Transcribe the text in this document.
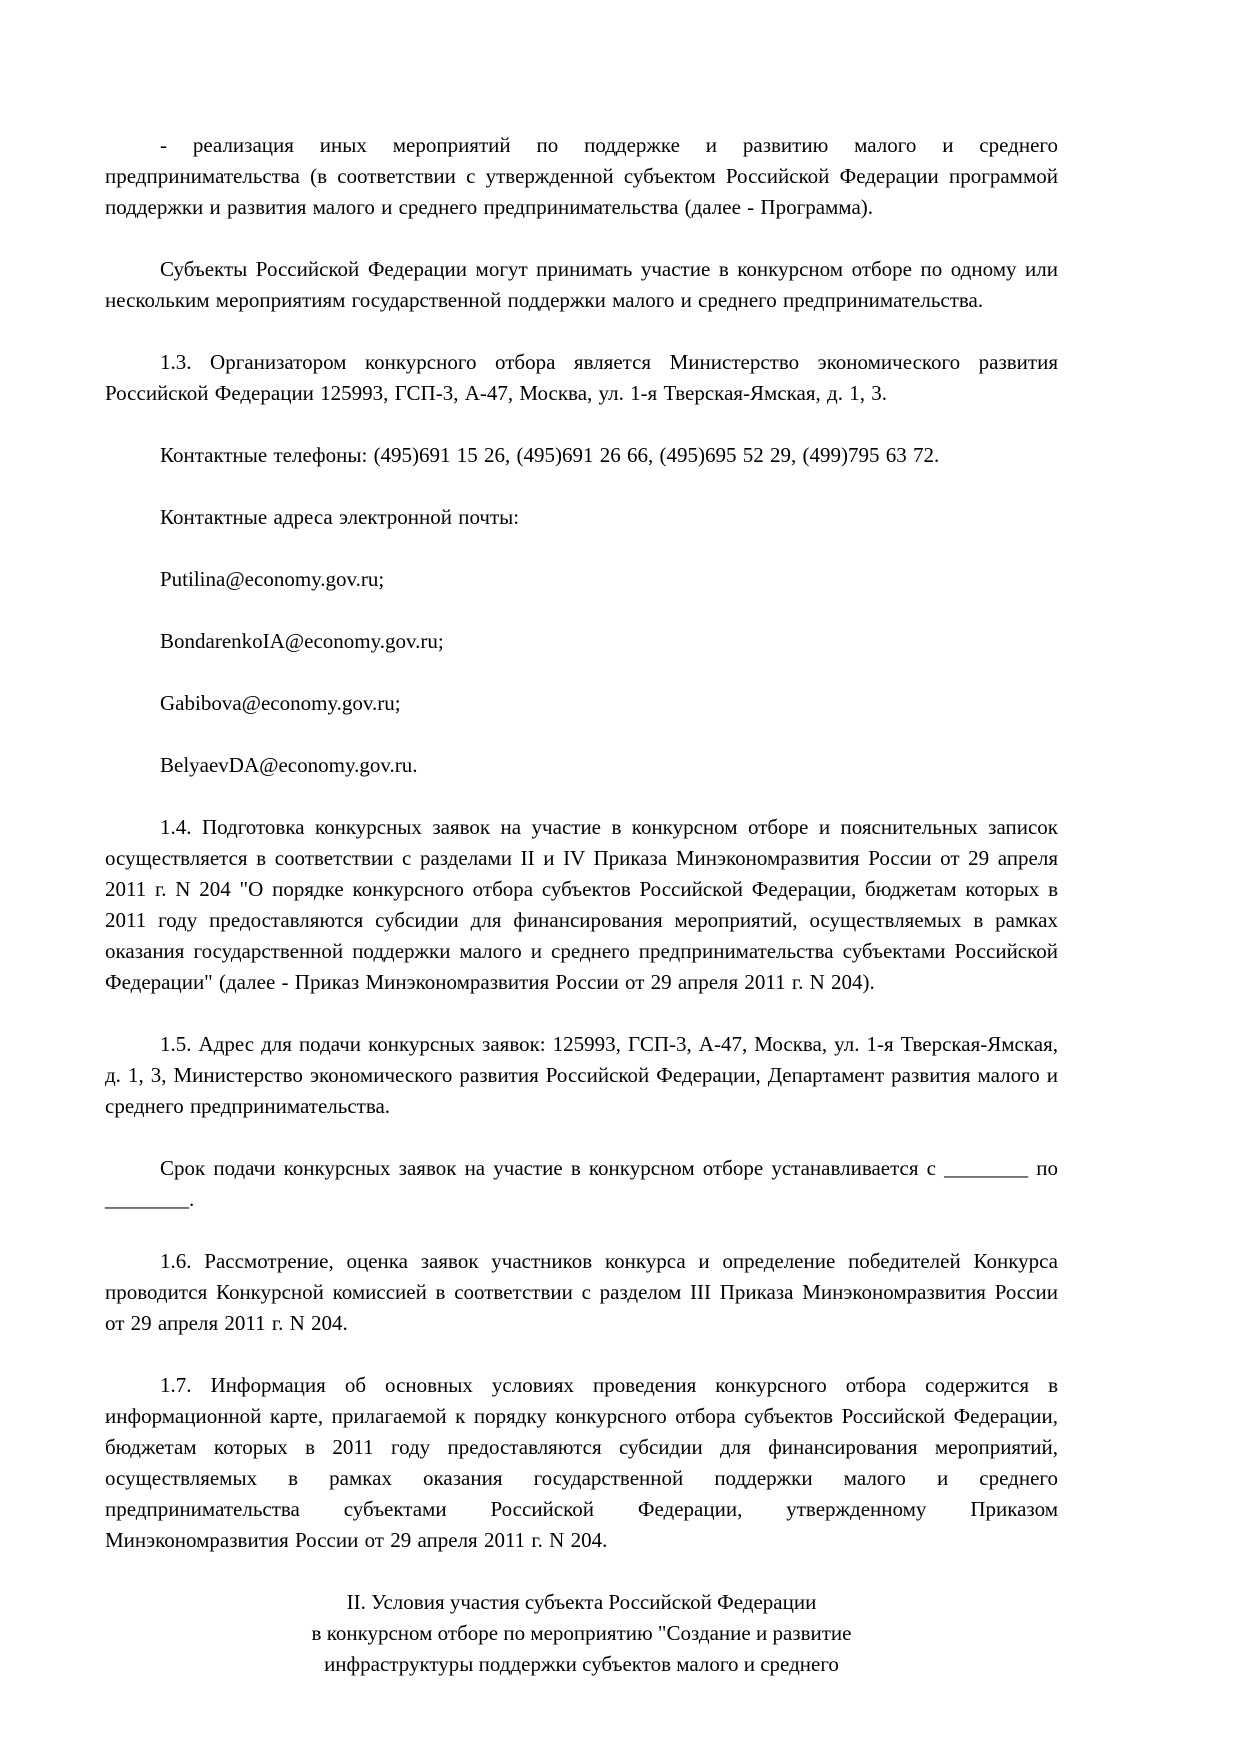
- реализация иных мероприятий по поддержке и развитию малого и среднего предпринимательства (в соответствии с утвержденной субъектом Российской Федерации программой поддержки и развития малого и среднего предпринимательства (далее - Программа).

Субъекты Российской Федерации могут принимать участие в конкурсном отборе по одному или нескольким мероприятиям государственной поддержки малого и среднего предпринимательства.

1.3. Организатором конкурсного отбора является Министерство экономического развития Российской Федерации 125993, ГСП-3, А-47, Москва, ул. 1-я Тверская-Ямская, д. 1, 3.

Контактные телефоны: (495)691 15 26, (495)691 26 66, (495)695 52 29, (499)795 63 72.

Контактные адреса электронной почты:

Putilina@economy.gov.ru;

BondarenkoIA@economy.gov.ru;

Gabibova@economy.gov.ru;

BelyaevDA@economy.gov.ru.

1.4. Подготовка конкурсных заявок на участие в конкурсном отборе и пояснительных записок осуществляется в соответствии с разделами II и IV Приказа Минэкономразвития России от 29 апреля 2011 г. N 204 "О порядке конкурсного отбора субъектов Российской Федерации, бюджетам которых в 2011 году предоставляются субсидии для финансирования мероприятий, осуществляемых в рамках оказания государственной поддержки малого и среднего предпринимательства субъектами Российской Федерации" (далее - Приказ Минэкономразвития России от 29 апреля 2011 г. N 204).

1.5. Адрес для подачи конкурсных заявок: 125993, ГСП-3, А-47, Москва, ул. 1-я Тверская-Ямская, д. 1, 3, Министерство экономического развития Российской Федерации, Департамент развития малого и среднего предпринимательства.

Срок подачи конкурсных заявок на участие в конкурсном отборе устанавливается с ________ по ________.

1.6. Рассмотрение, оценка заявок участников конкурса и определение победителей Конкурса проводится Конкурсной комиссией в соответствии с разделом III Приказа Минэкономразвития России от 29 апреля 2011 г. N 204.

1.7. Информация об основных условиях проведения конкурсного отбора содержится в информационной карте, прилагаемой к порядку конкурсного отбора субъектов Российской Федерации, бюджетам которых в 2011 году предоставляются субсидии для финансирования мероприятий, осуществляемых в рамках оказания государственной поддержки малого и среднего предпринимательства субъектами Российской Федерации, утвержденному Приказом Минэкономразвития России от 29 апреля 2011 г. N 204.

II. Условия участия субъекта Российской Федерации
в конкурсном отборе по мероприятию "Создание и развитие
инфраструктуры поддержки субъектов малого и среднего
